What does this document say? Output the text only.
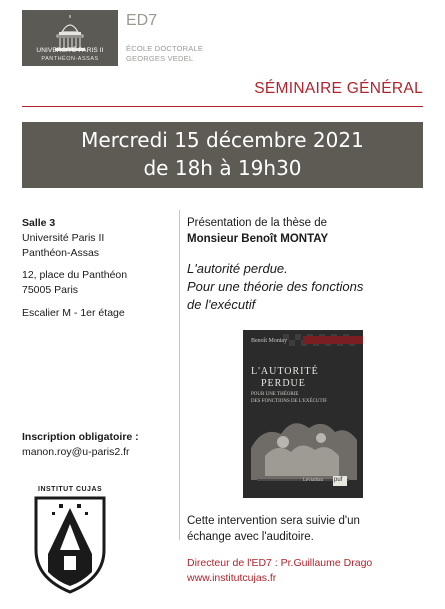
UNIVERSITÉ PARIS II
PANTHÉON-ASSAS
ED7
ÉCOLE DOCTORALE
GEORGES VEDEL
SÉMINAIRE GÉNÉRAL
Mercredi 15 décembre 2021
de 18h à 19h30
Salle 3
Université Paris II
Panthéon-Assas
12, place du Panthéon
75005 Paris
Escalier M - 1er étage
Inscription obligatoire :
manon.roy@u-paris2.fr
INSTITUT CUJAS
Présentation de la thèse de
Monsieur Benoît MONTAY
L'autorité perdue.
Pour une théorie des fonctions
de l'exécutif
Benoît Montay
L'AUTORITÉ
PERDUE
POUR UNE THÉORIE
DES FONCTIONS DE L'EXÉCUTIF
Léviathan puf
Cette intervention sera suivie d'un
échange avec l'auditoire.
Directeur de l'ED7 : Pr.Guillaume Drago
www.institutcujas.fr
